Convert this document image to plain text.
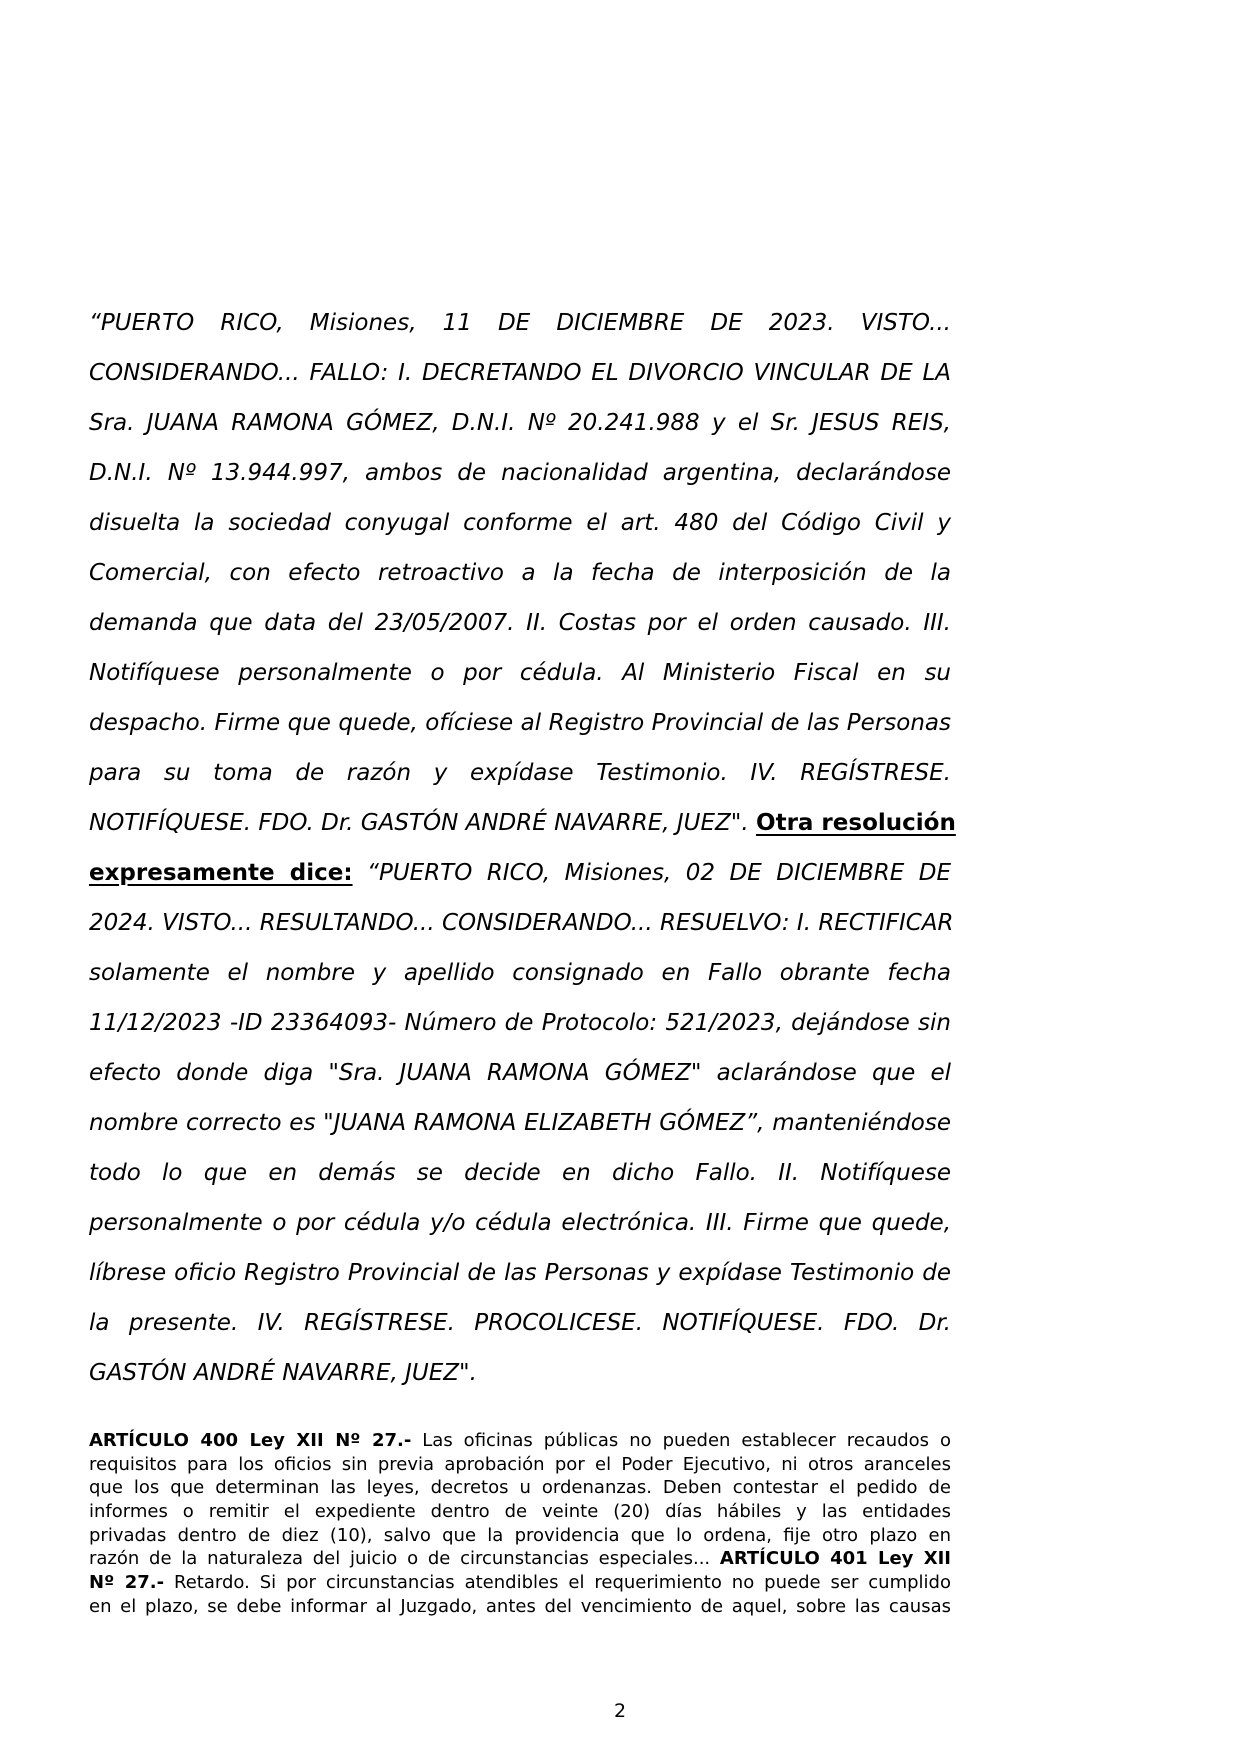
“PUERTO RICO, Misiones, 11 DE DICIEMBRE DE 2023. VISTO...
CONSIDERANDO... FALLO: I. DECRETANDO EL DIVORCIO VINCULAR DE LA
Sra. JUANA RAMONA GÓMEZ, D.N.I. Nº 20.241.988 y el Sr. JESUS REIS,
D.N.I. Nº 13.944.997, ambos de nacionalidad argentina, declarándose
disuelta la sociedad conyugal conforme el art. 480 del Código Civil y
Comercial, con efecto retroactivo a la fecha de interposición de la
demanda que data del 23/05/2007. II. Costas por el orden causado. III.
Notifíquese personalmente o por cédula. Al Ministerio Fiscal en su
despacho. Firme que quede, ofíciese al Registro Provincial de las Personas
para su toma de razón y expídase Testimonio. IV. REGÍSTRESE.
NOTIFÍQUESE. FDO. Dr. GASTÓN ANDRÉ NAVARRE, JUEZ". Otra resolución
expresamente dice: “PUERTO RICO, Misiones, 02 DE DICIEMBRE DE
2024. VISTO... RESULTANDO... CONSIDERANDO... RESUELVO: I. RECTIFICAR
solamente el nombre y apellido consignado en Fallo obrante fecha
11/12/2023 -ID 23364093- Número de Protocolo: 521/2023, dejándose sin
efecto donde diga "Sra. JUANA RAMONA GÓMEZ" aclarándose que el
nombre correcto es "JUANA RAMONA ELIZABETH GÓMEZ”, manteniéndose
todo lo que en demás se decide en dicho Fallo. II. Notifíquese
personalmente o por cédula y/o cédula electrónica. III. Firme que quede,
líbrese oficio Registro Provincial de las Personas y expídase Testimonio de
la presente. IV. REGÍSTRESE. PROCOLICESE. NOTIFÍQUESE. FDO. Dr.
GASTÓN ANDRÉ NAVARRE, JUEZ".
ARTÍCULO 400 Ley XII Nº 27.- Las oficinas públicas no pueden establecer recaudos o
requisitos para los oficios sin previa aprobación por el Poder Ejecutivo, ni otros aranceles
que los que determinan las leyes, decretos u ordenanzas. Deben contestar el pedido de
informes o remitir el expediente dentro de veinte (20) días hábiles y las entidades
privadas dentro de diez (10), salvo que la providencia que lo ordena, fije otro plazo en
razón de la naturaleza del juicio o de circunstancias especiales... ARTÍCULO 401 Ley XII
Nº 27.- Retardo. Si por circunstancias atendibles el requerimiento no puede ser cumplido
en el plazo, se debe informar al Juzgado, antes del vencimiento de aquel, sobre las causas
2
